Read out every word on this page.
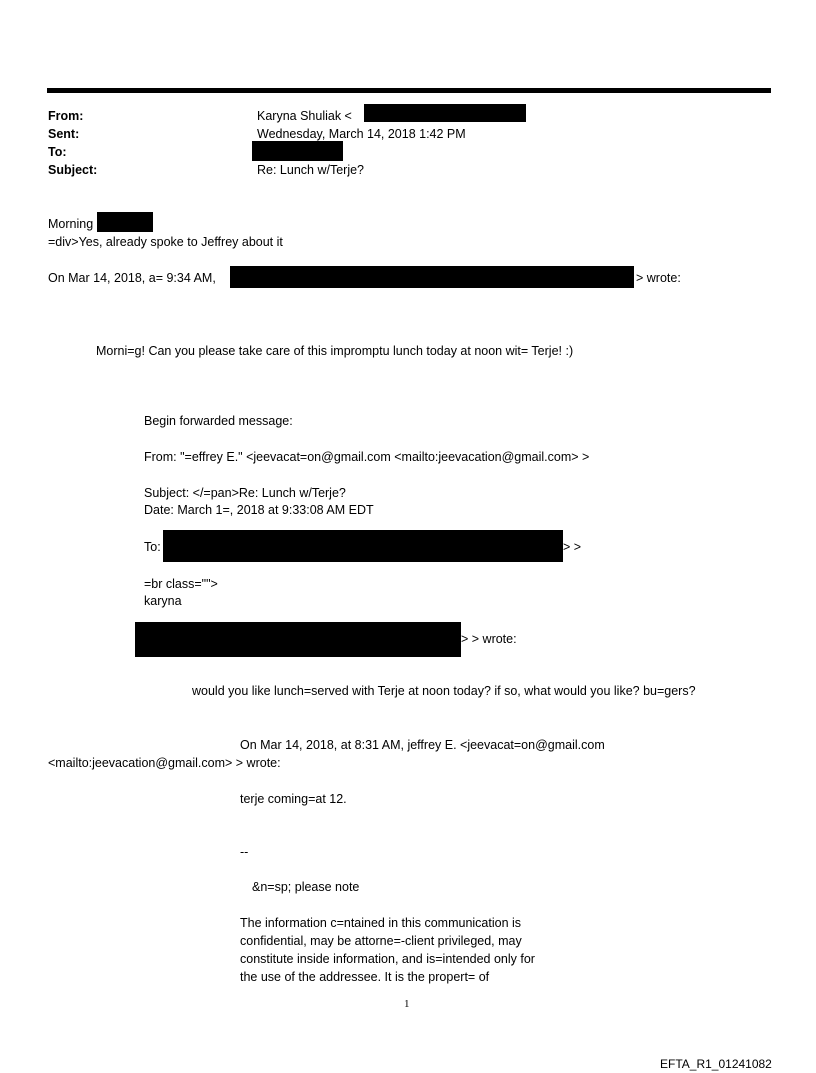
From:	Karyna Shuliak <
Sent:	Wednesday, March 14, 2018 1:42 PM
To:
Subject:	Re: Lunch w/Terje?
Morning
=div>Yes, already spoke to Jeffrey about it
On Mar 14, 2018, a= 9:34 AM,	> wrote:
Morni=g! Can you please take care of this impromptu lunch today at noon wit= Terje! :)
Begin forwarded message:
From: "=effrey E." <jeevacat=on@gmail.com <mailto:jeevacation@gmail.com> >
Subject: </=pan>Re: Lunch w/Terje?
Date: March 1=, 2018 at 9:33:08 AM EDT
To:	> >
=br class="">
karyna
> > wrote:
would you like lunch=served with Terje at noon today? if so, what would you like? bu=gers?
On Mar 14, 2018, at 8:31 AM, jeffrey E. <jeevacat=on@gmail.com
<mailto:jeevacation@gmail.com> > wrote:
terje coming=at 12.
--
&n=sp; please note
The information c=ntained in this communication is
confidential, may be attorne=-client privileged, may
constitute inside information, and is=intended only for
the use of the addressee. It is the propert= of
1
EFTA_R1_01241082
